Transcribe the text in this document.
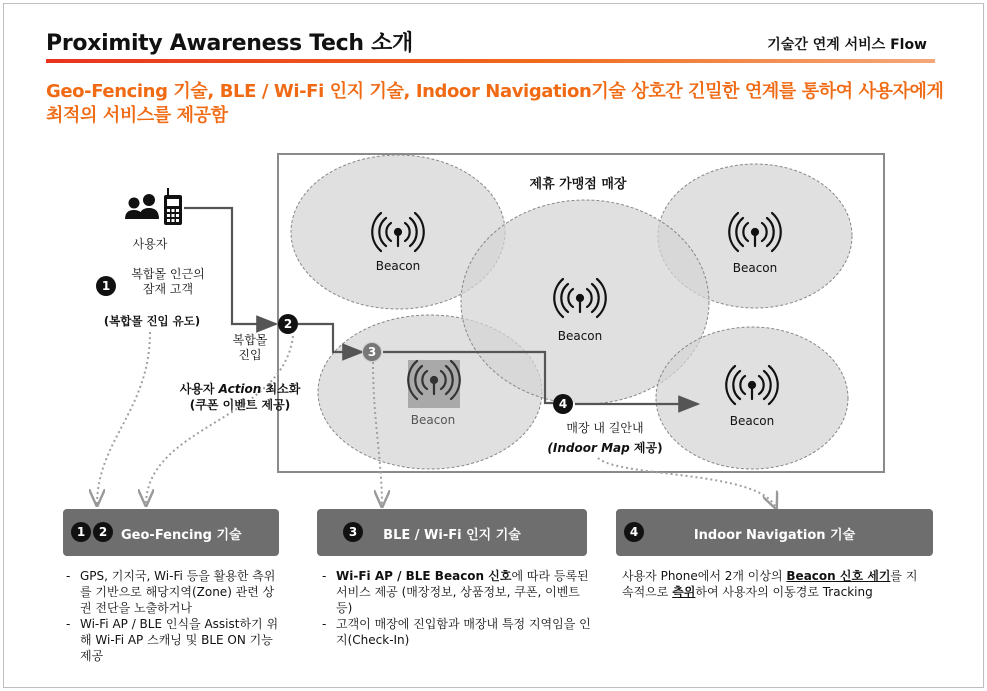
Proximity Awareness Tech 소개	기술간 연계 서비스 Flow
Geo-Fencing 기술, BLE / Wi-Fi 인지 기술, Indoor Navigation기술 상호간 긴밀한 연계를 통하여 사용자에게 최적의 서비스를 제공함
제휴 가맹점 매장
Beacon
Beacon
Beacon
Beacon	Beacon
사용자
1
복합몰 인근의
잠재 고객
(복합몰 진입 유도)	2
복합몰
진입	3
사용자 Action 최소화
(쿠폰 이벤트 제공)	4
매장 내 길안내
(Indoor Map 제공)
1	2	Geo-Fencing 기술	3	BLE / Wi-Fi 인지 기술	4	Indoor Navigation 기술
- GPS, 기지국, Wi-Fi 등을 활용한 측위를 기반으로 해당지역(Zone) 관련 상권 전단을 노출하거나
- Wi-Fi AP / BLE 인식을 Assist하기 위해 Wi-Fi AP 스캐닝 및 BLE ON 기능 제공
- Wi-Fi AP / BLE Beacon 신호에 따라 등록된 서비스 제공 (매장정보, 상품정보, 쿠폰, 이벤트 등)
- 고객이 매장에 진입함과 매장내 특정 지역임을 인지(Check-In)
사용자 Phone에서 2개 이상의 Beacon 신호 세기를 지속적으로 측위하여 사용자의 이동경로 Tracking
